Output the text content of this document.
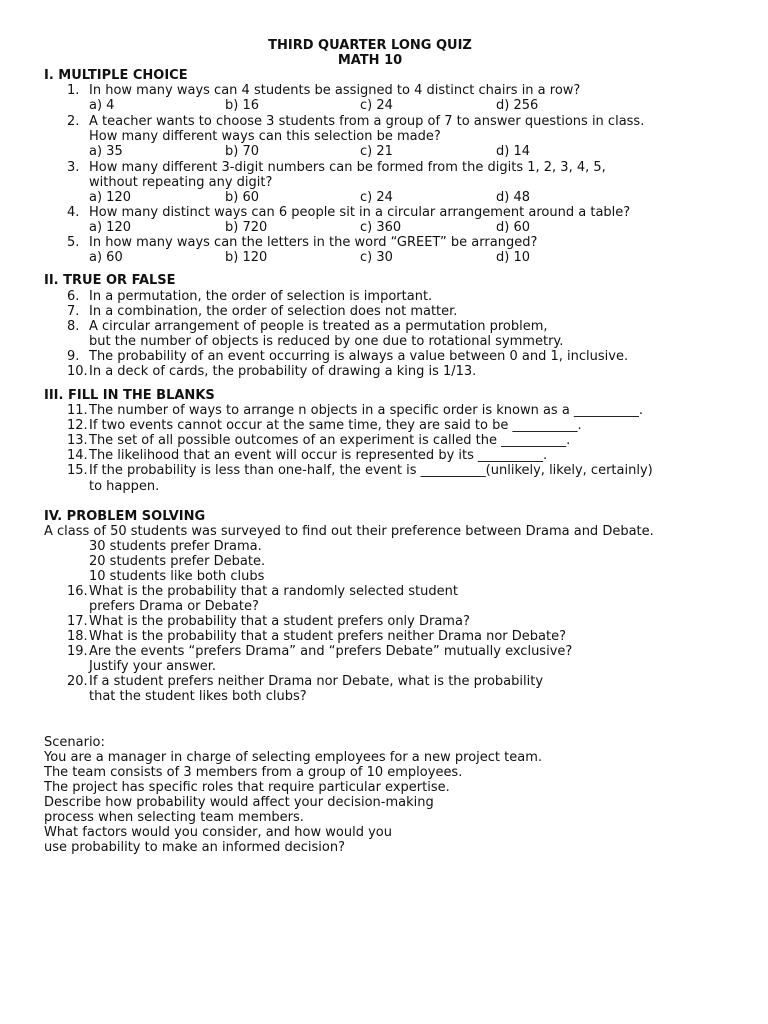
THIRD QUARTER LONG QUIZ
MATH 10
I. MULTIPLE CHOICE
1. In how many ways can 4 students be assigned to 4 distinct chairs in a row?
a) 4	b) 16	c) 24	d) 256
2. A teacher wants to choose 3 students from a group of 7 to answer questions in class.
How many different ways can this selection be made?
a) 35	b) 70	c) 21	d) 14
3. How many different 3-digit numbers can be formed from the digits 1, 2, 3, 4, 5,
without repeating any digit?
a) 120	b) 60	c) 24	d) 48
4. How many distinct ways can 6 people sit in a circular arrangement around a table?
a) 120	b) 720	c) 360	d) 60
5. In how many ways can the letters in the word “GREET” be arranged?
a) 60	b) 120	c) 30	d) 10
II. TRUE OR FALSE
6. In a permutation, the order of selection is important.
7. In a combination, the order of selection does not matter.
8. A circular arrangement of people is treated as a permutation problem,
but the number of objects is reduced by one due to rotational symmetry.
9. The probability of an event occurring is always a value between 0 and 1, inclusive.
10. In a deck of cards, the probability of drawing a king is 1/13.
III. FILL IN THE BLANKS
11. The number of ways to arrange n objects in a specific order is known as a __________.
12. If two events cannot occur at the same time, they are said to be __________.
13. The set of all possible outcomes of an experiment is called the __________.
14. The likelihood that an event will occur is represented by its __________.
15. If the probability is less than one-half, the event is __________(unlikely, likely, certainly)
to happen.
IV. PROBLEM SOLVING
A class of 50 students was surveyed to find out their preference between Drama and Debate.
30 students prefer Drama.
20 students prefer Debate.
10 students like both clubs
16. What is the probability that a randomly selected student
prefers Drama or Debate?
17. What is the probability that a student prefers only Drama?
18. What is the probability that a student prefers neither Drama nor Debate?
19. Are the events “prefers Drama” and “prefers Debate” mutually exclusive?
Justify your answer.
20. If a student prefers neither Drama nor Debate, what is the probability
that the student likes both clubs?
Scenario:
You are a manager in charge of selecting employees for a new project team.
The team consists of 3 members from a group of 10 employees.
The project has specific roles that require particular expertise.
Describe how probability would affect your decision-making
process when selecting team members.
What factors would you consider, and how would you
use probability to make an informed decision?
